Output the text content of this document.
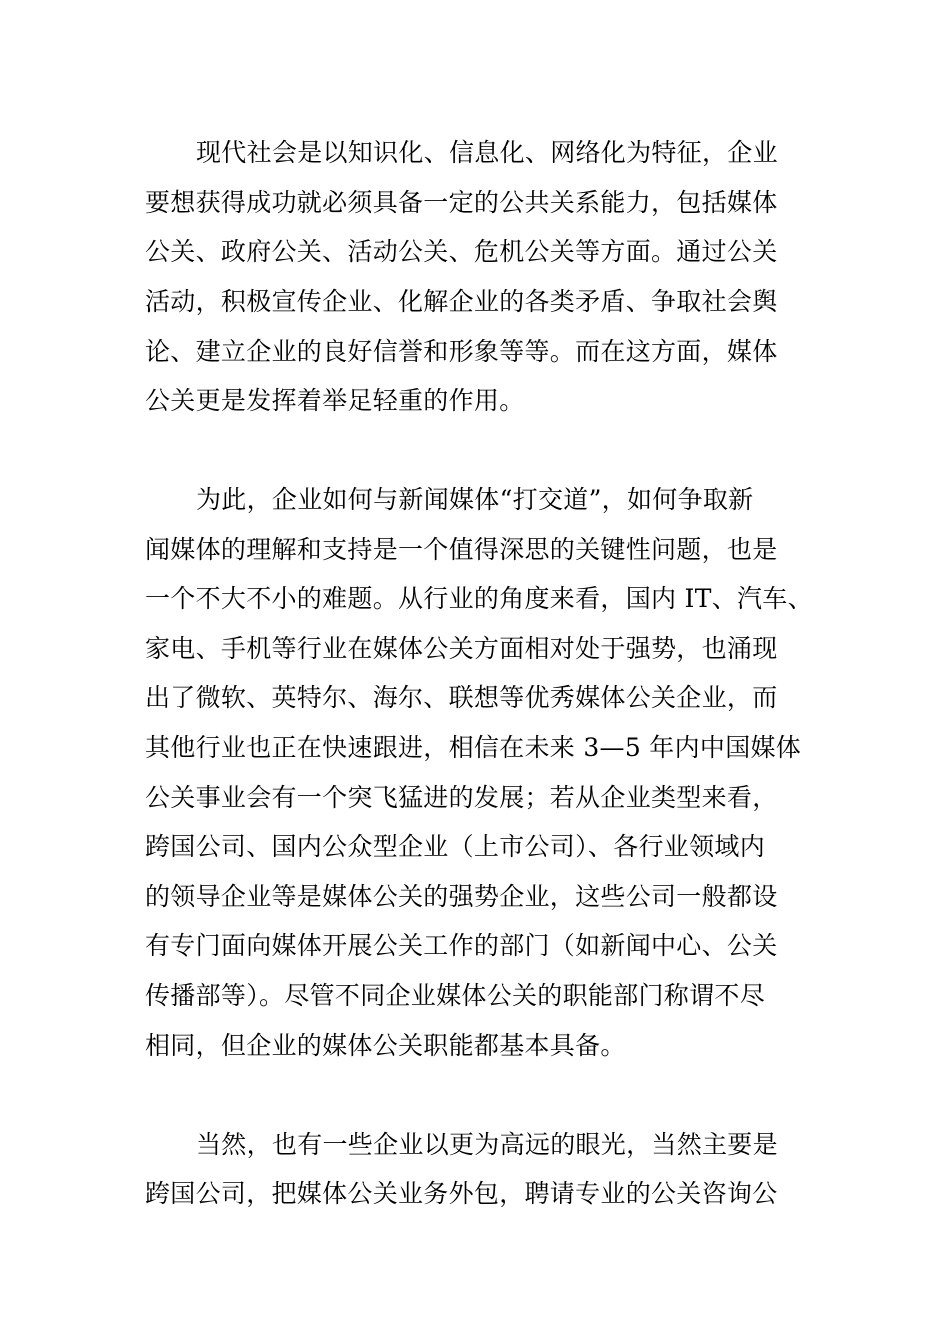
现代社会是以知识化、信息化、网络化为特征，企业
要想获得成功就必须具备一定的公共关系能力，包括媒体
公关、政府公关、活动公关、危机公关等方面。通过公关
活动，积极宣传企业、化解企业的各类矛盾、争取社会舆
论、建立企业的良好信誉和形象等等。而在这方面，媒体
公关更是发挥着举足轻重的作用。
为此，企业如何与新闻媒体“打交道”，如何争取新
闻媒体的理解和支持是一个值得深思的关键性问题，也是
一个不大不小的难题。从行业的角度来看，国内 IT、汽车、
家电、手机等行业在媒体公关方面相对处于强势，也涌现
出了微软、英特尔、海尔、联想等优秀媒体公关企业，而
其他行业也正在快速跟进，相信在未来 3—5 年内中国媒体
公关事业会有一个突飞猛进的发展；若从企业类型来看，
跨国公司、国内公众型企业（上市公司）、各行业领域内
的领导企业等是媒体公关的强势企业，这些公司一般都设
有专门面向媒体开展公关工作的部门（如新闻中心、公关
传播部等）。尽管不同企业媒体公关的职能部门称谓不尽
相同，但企业的媒体公关职能都基本具备。
当然，也有一些企业以更为高远的眼光，当然主要是
跨国公司，把媒体公关业务外包，聘请专业的公关咨询公
